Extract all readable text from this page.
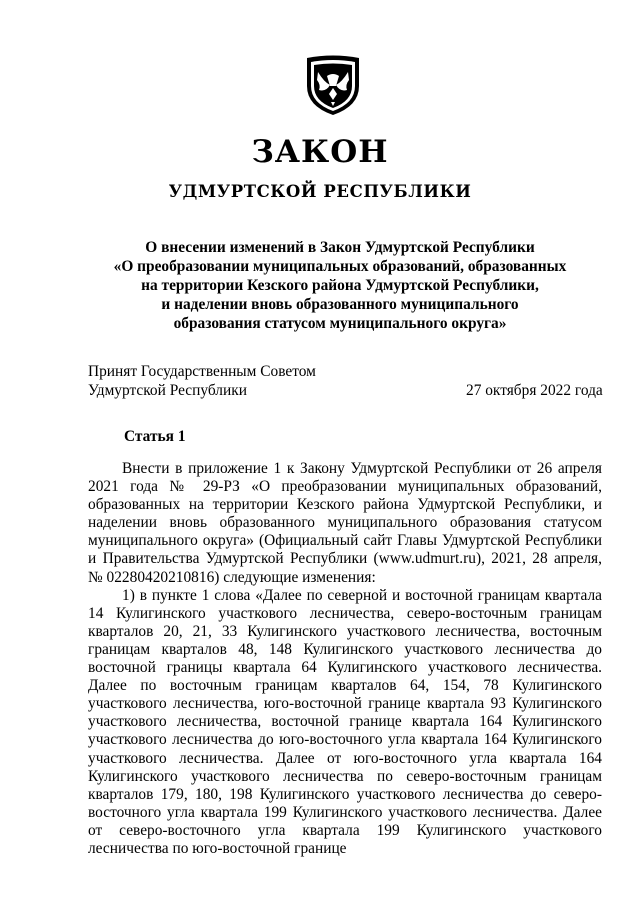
ЗАКОН
УДМУРТСКОЙ РЕСПУБЛИКИ
О внесении изменений в Закон Удмуртской Республики
«О преобразовании муниципальных образований, образованных
на территории Кезского района Удмуртской Республики,
и наделении вновь образованного муниципального
образования статусом муниципального округа»
Принят Государственным Советом
Удмуртской Республики	27 октября 2022 года
Статья 1

Внести в приложение 1 к Закону Удмуртской Республики от 26 апреля 2021 года № 29-РЗ «О преобразовании муниципальных образований, образованных на территории Кезского района Удмуртской Республики, и наделении вновь образованного муниципального образования статусом муниципального округа» (Официальный сайт Главы Удмуртской Республики и Правительства Удмуртской Республики (www.udmurt.ru), 2021, 28 апреля, № 02280420210816) следующие изменения:

1) в пункте 1 слова «Далее по северной и восточной границам квартала 14 Кулигинского участкового лесничества, северо-восточным границам кварталов 20, 21, 33 Кулигинского участкового лесничества, восточным границам кварталов 48, 148 Кулигинского участкового лесничества до восточной границы квартала 64 Кулигинского участкового лесничества. Далее по восточным границам кварталов 64, 154, 78 Кулигинского участкового лесничества, юго-восточной границе квартала 93 Кулигинского участкового лесничества, восточной границе квартала 164 Кулигинского участкового лесничества до юго-восточного угла квартала 164 Кулигинского участкового лесничества. Далее от юго-восточного угла квартала 164 Кулигинского участкового лесничества по северо-восточным границам кварталов 179, 180, 198 Кулигинского участкового лесничества до северо-восточного угла квартала 199 Кулигинского участкового лесничества. Далее от северо-восточного угла квартала 199 Кулигинского участкового лесничества по юго-восточной границе
